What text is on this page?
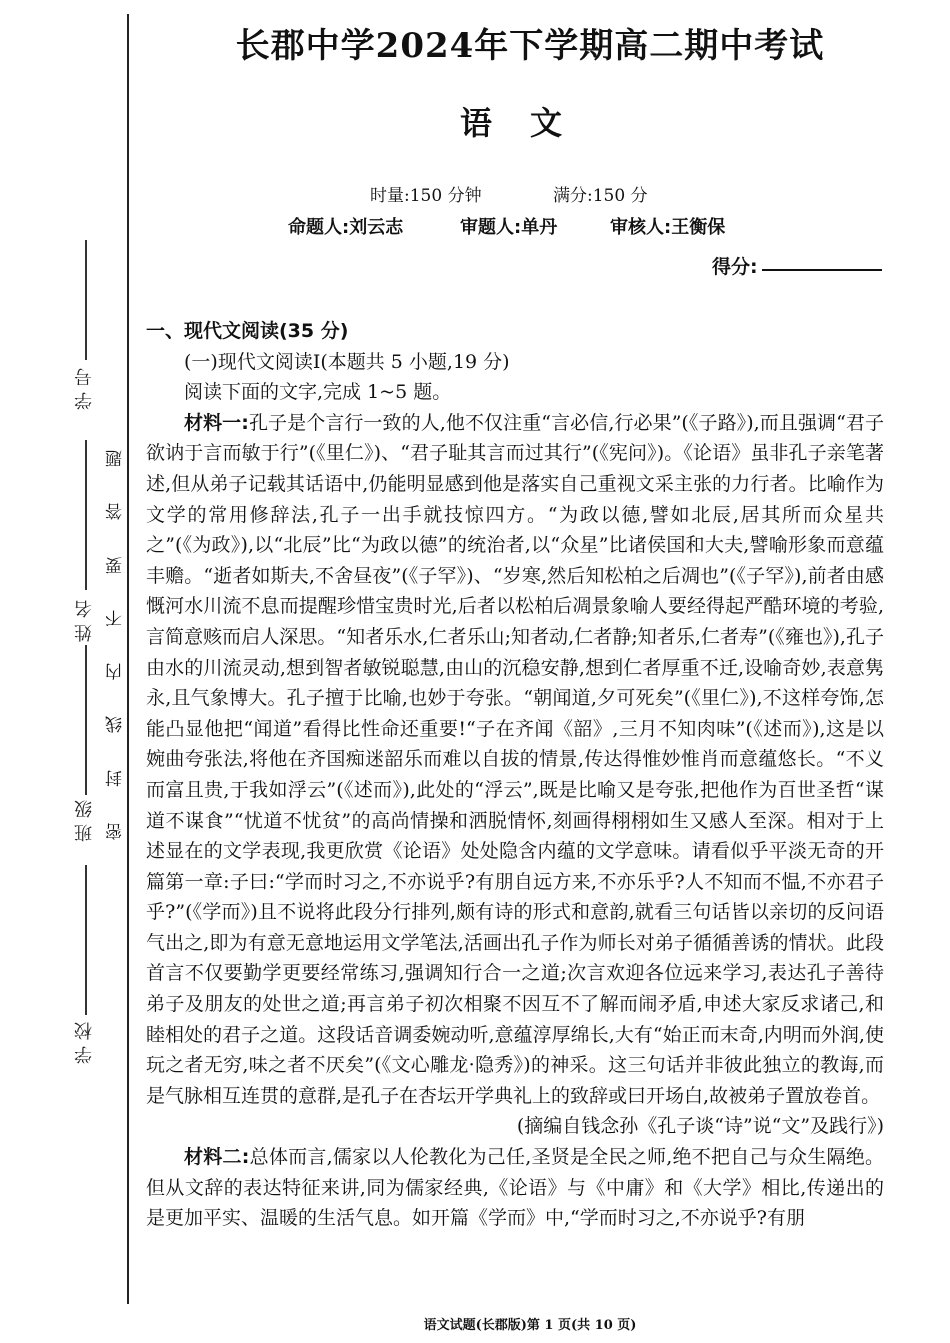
学 号
姓 名
班 级
学 校
题
答
要
不
内
线
封
密
长郡中学2024年下学期高二期中考试
语文
时量:150 分钟	满分:150 分
命题人:刘云志	审题人:单丹	审核人:王衡保
得分:

一、现代文阅读(35 分)

(一)现代文阅读Ⅰ(本题共 5 小题,19 分)

阅读下面的文字,完成 1~5 题。

材料一:孔子是个言行一致的人,他不仅注重“言必信,行必果”(《子路》),而且强调“君子欲讷于言而敏于行”(《里仁》)、“君子耻其言而过其行”(《宪问》)。《论语》虽非孔子亲笔著述,但从弟子记载其话语中,仍能明显感到他是落实自己重视文采主张的力行者。比喻作为文学的常用修辞法,孔子一出手就技惊四方。“为政以德,譬如北辰,居其所而众星共之”(《为政》),以“北辰”比“为政以德”的统治者,以“众星”比诸侯国和大夫,譬喻形象而意蕴丰赡。“逝者如斯夫,不舍昼夜”(《子罕》)、“岁寒,然后知松柏之后凋也”(《子罕》),前者由感慨河水川流不息而提醒珍惜宝贵时光,后者以松柏后凋景象喻人要经得起严酷环境的考验,言简意赅而启人深思。“知者乐水,仁者乐山;知者动,仁者静;知者乐,仁者寿”(《雍也》),孔子由水的川流灵动,想到智者敏锐聪慧,由山的沉稳安静,想到仁者厚重不迁,设喻奇妙,表意隽永,且气象博大。孔子擅于比喻,也妙于夸张。“朝闻道,夕可死矣”(《里仁》),不这样夸饰,怎能凸显他把“闻道”看得比性命还重要!“子在齐闻《韶》,三月不知肉味”(《述而》),这是以婉曲夸张法,将他在齐国痴迷韶乐而难以自拔的情景,传达得惟妙惟肖而意蕴悠长。“不义而富且贵,于我如浮云”(《述而》),此处的“浮云”,既是比喻又是夸张,把他作为百世圣哲“谋道不谋食”“忧道不忧贫”的高尚情操和洒脱情怀,刻画得栩栩如生又感人至深。相对于上述显在的文学表现,我更欣赏《论语》处处隐含内蕴的文学意味。请看似乎平淡无奇的开篇第一章:子曰:“学而时习之,不亦说乎?有朋自远方来,不亦乐乎?人不知而不愠,不亦君子乎?”(《学而》)且不说将此段分行排列,颇有诗的形式和意韵,就看三句话皆以亲切的反问语气出之,即为有意无意地运用文学笔法,活画出孔子作为师长对弟子循循善诱的情状。此段首言不仅要勤学更要经常练习,强调知行合一之道;次言欢迎各位远来学习,表达孔子善待弟子及朋友的处世之道;再言弟子初次相聚不因互不了解而闹矛盾,申述大家反求诸己,和睦相处的君子之道。这段话音调委婉动听,意蕴淳厚绵长,大有“始正而末奇,内明而外润,使玩之者无穷,味之者不厌矣”(《文心雕龙·隐秀》)的神采。这三句话并非彼此独立的教诲,而是气脉相互连贯的意群,是孔子在杏坛开学典礼上的致辞或曰开场白,故被弟子置放卷首。

(摘编自钱念孙《孔子谈“诗”说“文”及践行》)

材料二:总体而言,儒家以人伦教化为己任,圣贤是全民之师,绝不把自己与众生隔绝。但从文辞的表达特征来讲,同为儒家经典,《论语》与《中庸》和《大学》相比,传递出的是更加平实、温暖的生活气息。如开篇《学而》中,“学而时习之,不亦说乎?有朋

语文试题(长郡版)第 1 页(共 10 页)
